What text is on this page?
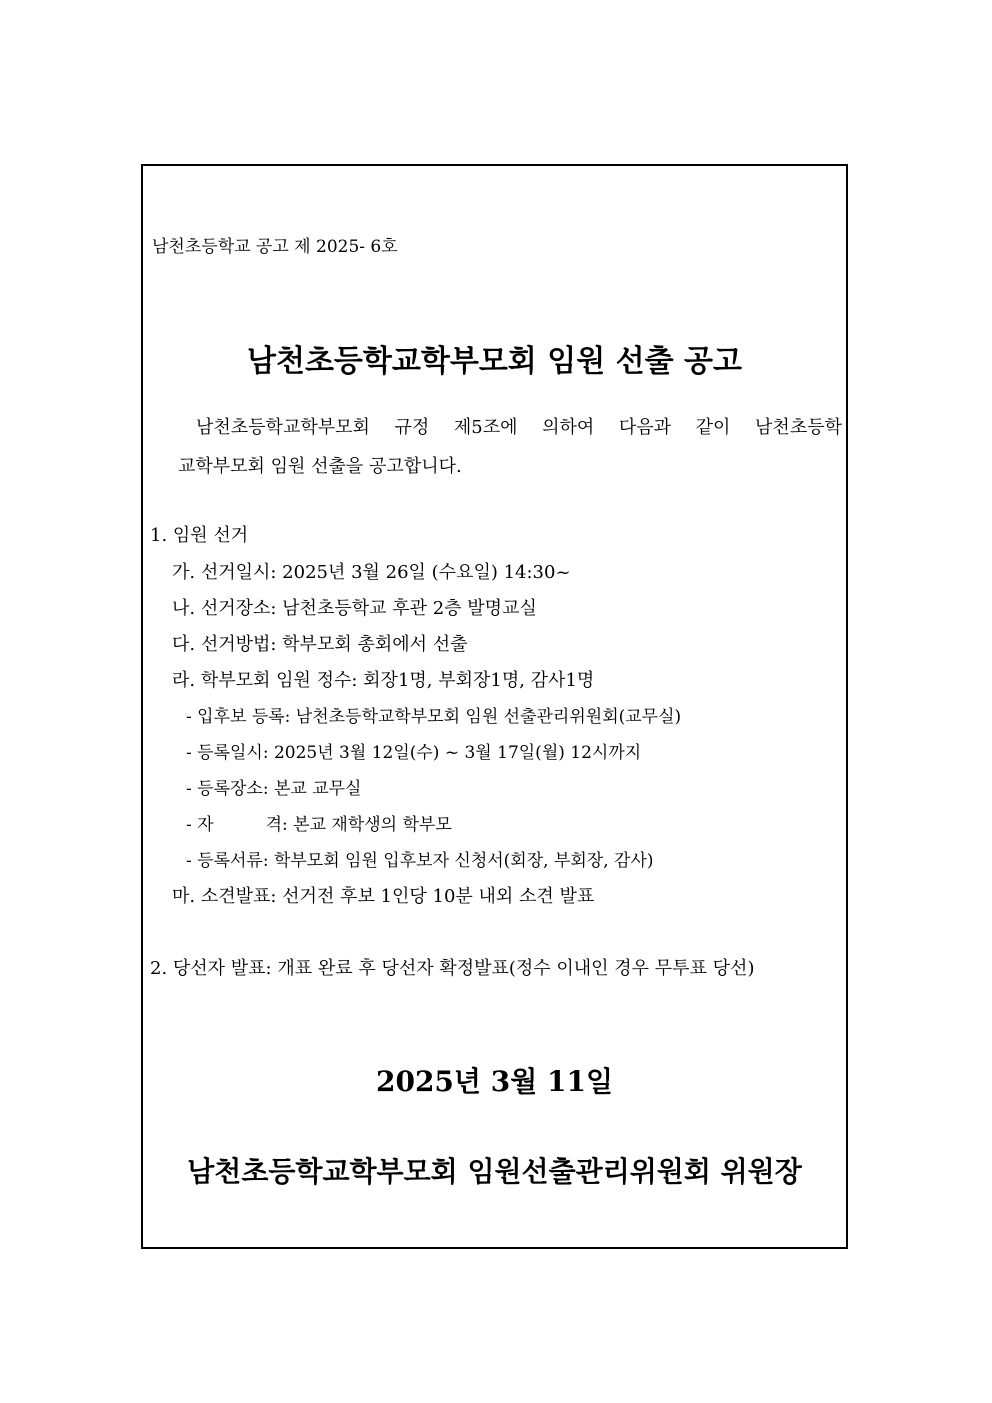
남천초등학교 공고 제 2025- 6호
남천초등학교학부모회 임원 선출 공고
남천초등학교학부모회 규정 제5조에 의하여 다음과 같이 남천초등학
교학부모회 임원 선출을 공고합니다.
1. 임원 선거
가. 선거일시: 2025년 3월 26일 (수요일) 14:30~
나. 선거장소: 남천초등학교 후관 2층 발명교실
다. 선거방법: 학부모회 총회에서 선출
라. 학부모회 임원 정수: 회장1명, 부회장1명, 감사1명
- 입후보 등록: 남천초등학교학부모회 임원 선출관리위원회(교무실)
- 등록일시: 2025년 3월 12일(수) ~ 3월 17일(월) 12시까지
- 등록장소: 본교 교무실
- 자	격: 본교 재학생의 학부모
- 등록서류: 학부모회 임원 입후보자 신청서(회장, 부회장, 감사)
마. 소견발표: 선거전 후보 1인당 10분 내외 소견 발표
2. 당선자 발표: 개표 완료 후 당선자 확정발표(정수 이내인 경우 무투표 당선)
2025년 3월 11일
남천초등학교학부모회 임원선출관리위원회 위원장
